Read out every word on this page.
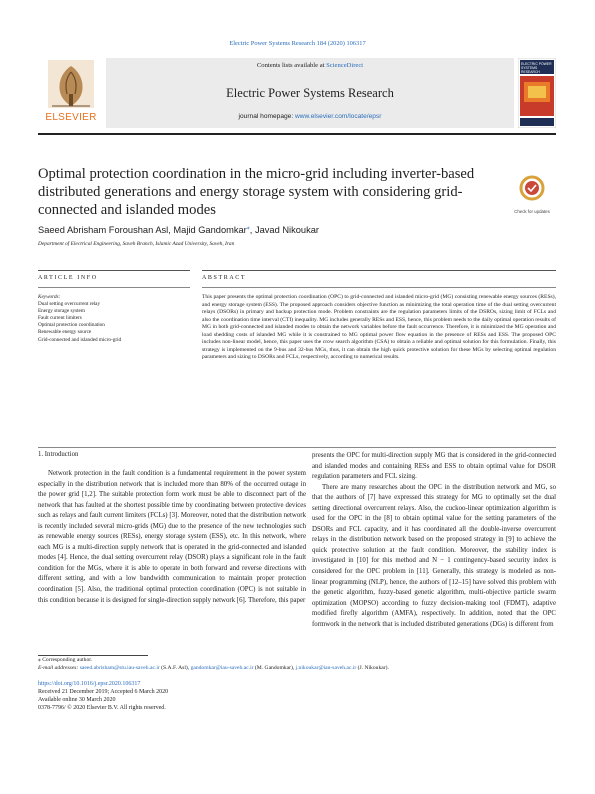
Electric Power Systems Research 184 (2020) 106317
ELSEVIER
Contents lists available at ScienceDirect
Electric Power Systems Research
journal homepage: www.elsevier.com/locate/epsr
ELECTRIC POWER SYSTEMS RESEARCH
Optimal protection coordination in the micro-grid including inverter-based distributed generations and energy storage system with considering grid-connected and islanded modes	Check for updates
Saeed Abrisham Foroushan Asl, Majid Gandomkar⁎, Javad Nikoukar
Department of Electrical Engineering, Saveh Branch, Islamic Azad University, Saveh, Iran
ARTICLE INFO	ABSTRACT
Keywords:
Dual setting overcurrent relay
Energy storage system
Fault current limiters
Optimal protection coordination
Renewable energy source
Grid-connected and islanded micro-grid
This paper presents the optimal protection coordination (OPC) to grid-connected and islanded micro-grid (MG) consisting renewable energy sources (RESs), and energy storage system (ESS). The proposed approach considers objective function as minimizing the total operation time of the dual setting overcurrent relays (DSORs) in primary and backup protection mode. Problem constraints are the regulation parameters limits of the DSROs, sizing limit of FCLs and also the coordination time interval (CTI) inequality. MG includes generally RESs and ESS, hence, this problem needs to the daily optimal operation results of MG in both grid-connected and islanded modes to obtain the network variables before the fault occurrence. Therefore, it is minimized the MG operation and load shedding costs of islanded MG while it is constrained to MG optimal power flow equation in the presence of RESs and ESS. The proposed OPC includes non-linear model, hence, this paper uses the crow search algorithm (CSA) to obtain a reliable and optimal solution for this formulation. Finally, this strategy is implemented on the 9-bus and 32-bus MGs, thus, it can obtain the high quick protective solution for these MGs by selecting optimal regulation parameters and sizing to DSORs and FCLs, respectively, according to numerical results.
1. Introduction

Network protection in the fault condition is a fundamental requirement in the power system especially in the distribution network that is included more than 80% of the occurred outage in the power grid [1,2]. The suitable protection form work must be able to disconnect part of the network that has faulted at the shortest possible time by coordinating between protective devices such as relays and fault current limiters (FCLs) [3]. Moreover, noted that the distribution network is recently included several micro-grids (MG) due to the presence of the new technologies such as renewable energy sources (RESs), energy storage system (ESS), etc. In this network, where each MG is a multi-direction supply network that is operated in the grid-connected and islanded modes [4]. Hence, the dual setting overcurrent relay (DSOR) plays a significant role in the fault condition for the MGs, where it is able to operate in both forward and reverse directions with different setting, and with a low bandwidth communication to maintain proper protection coordination [5]. Also, the traditional optimal protection coordination (OPC) is not suitable in this condition because it is designed for single-direction supply network [6]. Therefore, this paper

presents the OPC for multi-direction supply MG that is considered in the grid-connected and islanded modes and containing RESs and ESS to obtain optimal value for DSOR regulation parameters and FCL sizing.

There are many researches about the OPC in the distribution network and MG, so that the authors of [7] have expressed this strategy for MG to optimally set the dual setting directional overcurrent relays. Also, the cuckoo-linear optimization algorithm is used for the OPC in the [8] to obtain optimal value for the setting parameters of the DSORs and FCL capacity, and it has coordinated all the double-inverse overcurrent relays in the distribution network based on the proposed strategy in [9] to achieve the quick protective solution at the fault condition. Moreover, the stability index is investigated in [10] for this method and N − 1 contingency-based security index is considered for the OPC problem in [11]. Generally, this strategy is modeled as non-linear programming (NLP), hence, the authors of [12–15] have solved this problem with the genetic algorithm, fuzzy-based genetic algorithm, multi-objective particle swarm optimization (MOPSO) according to fuzzy decision-making tool (FDMT), adaptive modified firefly algorithm (AMFA), respectively. In addition, noted that the OPC formwork in the network that is included distributed generations (DGs) is different from

⁎ Corresponding author.
E-mail addresses: saeed.abrisham@stu.iau-saveh.ac.ir (S.A.F. Asl), gandomkar@iau-saveh.ac.ir (M. Gandomkar), j.nikoukar@iau-saveh.ac.ir (J. Nikoukar).
https://doi.org/10.1016/j.epsr.2020.106317
Received 21 December 2019; Accepted 6 March 2020
Available online 30 March 2020
0378-7796/ © 2020 Elsevier B.V. All rights reserved.
